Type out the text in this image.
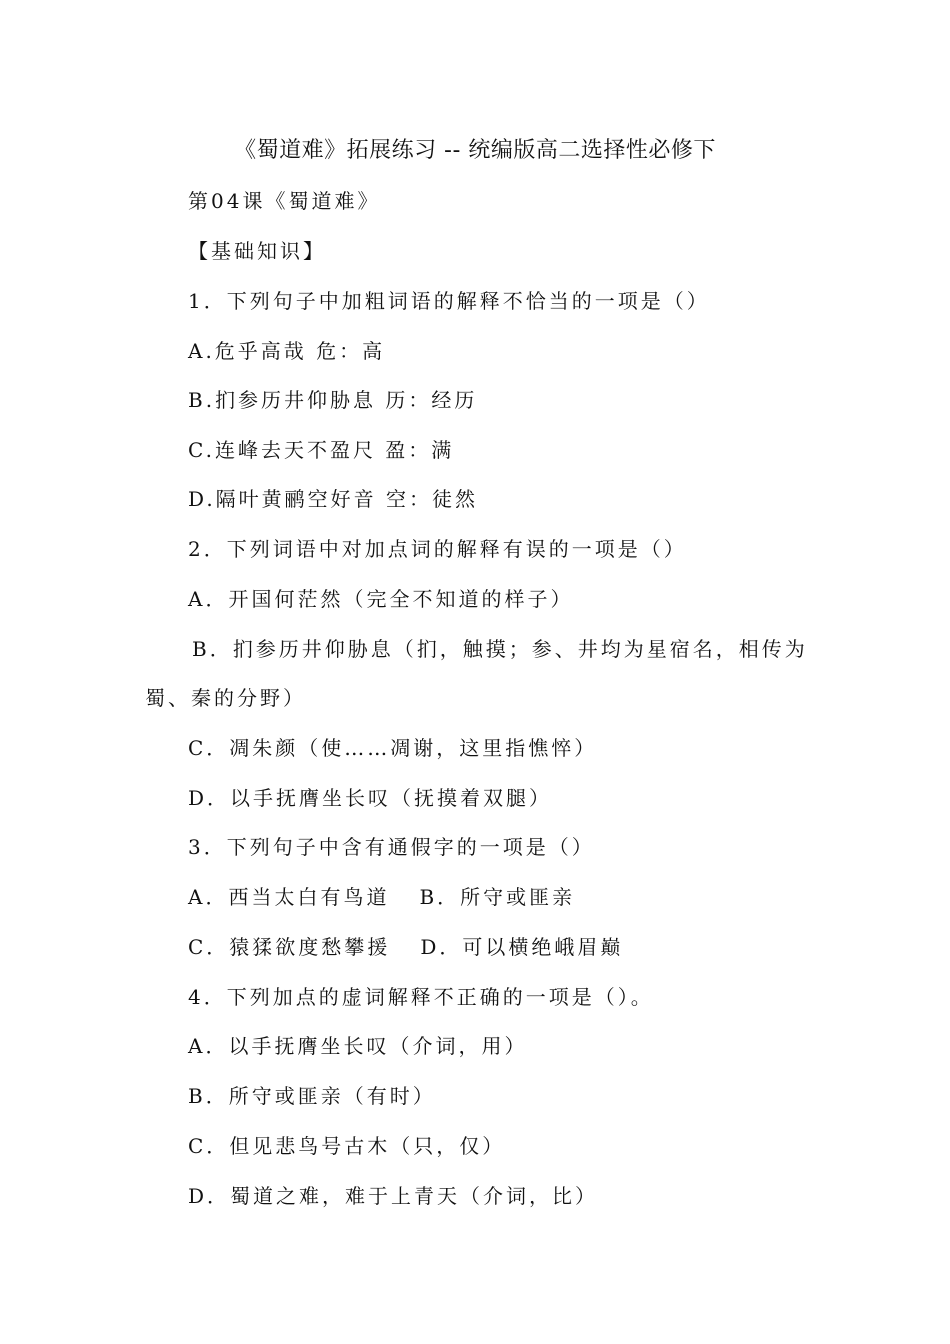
《蜀道难》拓展练习 -- 统编版高二选择性必修下
第04课《蜀道难》
【基础知识】
1．下列句子中加粗词语的解释不恰当的一项是（）
A.危乎高哉 危：高
B.扪参历井仰胁息 历：经历
C.连峰去天不盈尺 盈：满
D.隔叶黄鹂空好音 空：徒然
2．下列词语中对加点词的解释有误的一项是（）
A．开国何茫然（完全不知道的样子）
B．扪参历井仰胁息（扪，触摸；参、井均为星宿名，相传为
蜀、秦的分野）
C．凋朱颜（使……凋谢，这里指憔悴）
D．以手抚膺坐长叹（抚摸着双腿）
3．下列句子中含有通假字的一项是（）
A．西当太白有鸟道 B．所守或匪亲
C．猿猱欲度愁攀援 D．可以横绝峨眉巅
4．下列加点的虚词解释不正确的一项是（）。
A．以手抚膺坐长叹（介词，用）
B．所守或匪亲（有时）
C．但见悲鸟号古木（只，仅）
D．蜀道之难，难于上青天（介词，比）
